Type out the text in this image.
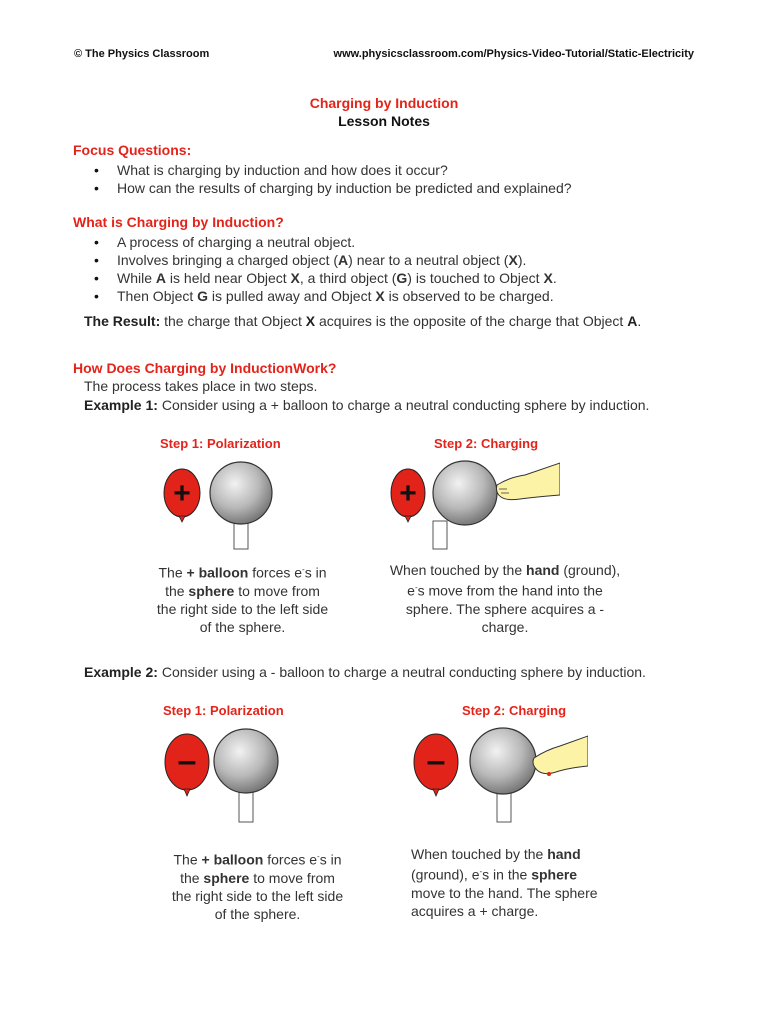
© The Physics Classroom	www.physicsclassroom.com/Physics-Video-Tutorial/Static-Electricity
Charging by Induction
Lesson Notes
Focus Questions:
• What is charging by induction and how does it occur?
• How can the results of charging by induction be predicted and explained?
What is Charging by Induction?
• A process of charging a neutral object.
• Involves bringing a charged object (A) near to a neutral object (X).
• While A is held near Object X, a third object (G) is touched to Object X.
• Then Object G is pulled away and Object X is observed to be charged.
The Result: the charge that Object X acquires is the opposite of the charge that Object A.
How Does Charging by InductionWork?
The process takes place in two steps.
Example 1: Consider using a + balloon to charge a neutral conducting sphere by induction.
Step 1: Polarization	Step 2: Charging
+	+
The + balloon forces e-s in
the sphere to move from
the right side to the left side
of the sphere.
When touched by the hand (ground),
e-s move from the hand into the
sphere. The sphere acquires a -
charge.
Example 2: Consider using a - balloon to charge a neutral conducting sphere by induction.
Step 1: Polarization	Step 2: Charging
–	–
The + balloon forces e-s in
the sphere to move from
the right side to the left side
of the sphere.
When touched by the hand
(ground), e-s in the sphere
move to the hand. The sphere
acquires a + charge.
